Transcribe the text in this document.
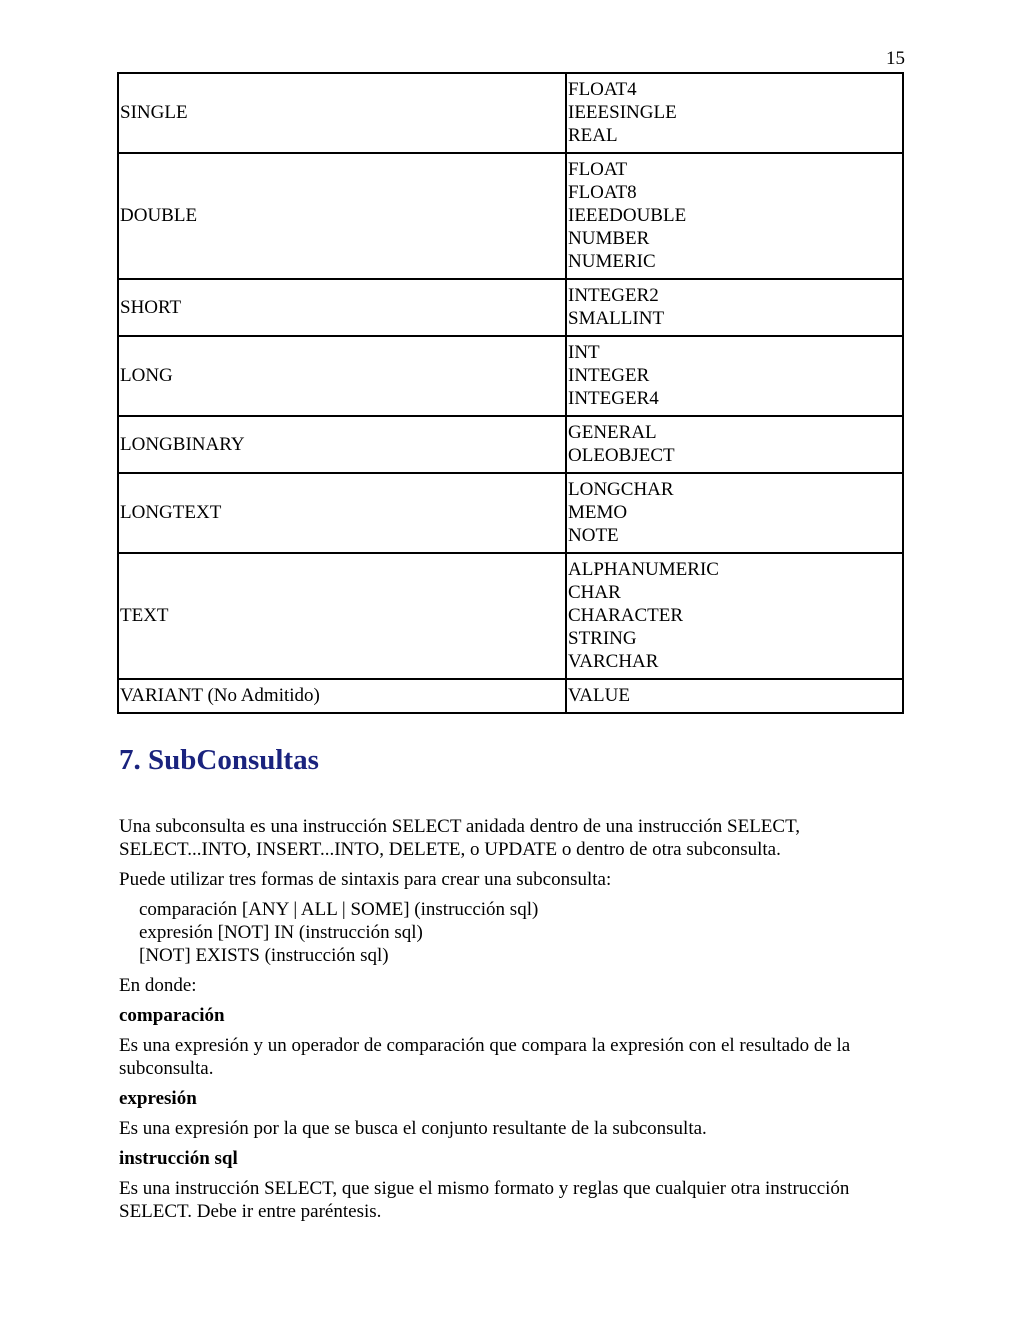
15
SINGLE	FLOAT4
IEEESINGLE
REAL

DOUBLE	FLOAT
FLOAT8
IEEEDOUBLE
NUMBER
NUMERIC

SHORT	INTEGER2
SMALLINT

LONG	INT
INTEGER
INTEGER4

LONGBINARY	GENERAL
OLEOBJECT

LONGTEXT	LONGCHAR
MEMO
NOTE

TEXT	ALPHANUMERIC
CHAR
CHARACTER
STRING
VARCHAR

VARIANT (No Admitido)	VALUE
7. SubConsultas

Una subconsulta es una instrucción SELECT anidada dentro de una instrucción SELECT, SELECT...INTO, INSERT...INTO, DELETE, o UPDATE o dentro de otra subconsulta.

Puede utilizar tres formas de sintaxis para crear una subconsulta:

comparación [ANY | ALL | SOME] (instrucción sql)
expresión [NOT] IN (instrucción sql)
[NOT] EXISTS (instrucción sql)

En donde:

comparación

Es una expresión y un operador de comparación que compara la expresión con el resultado de la subconsulta.

expresión

Es una expresión por la que se busca el conjunto resultante de la subconsulta.

instrucción sql

Es una instrucción SELECT, que sigue el mismo formato y reglas que cualquier otra instrucción SELECT. Debe ir entre paréntesis.
